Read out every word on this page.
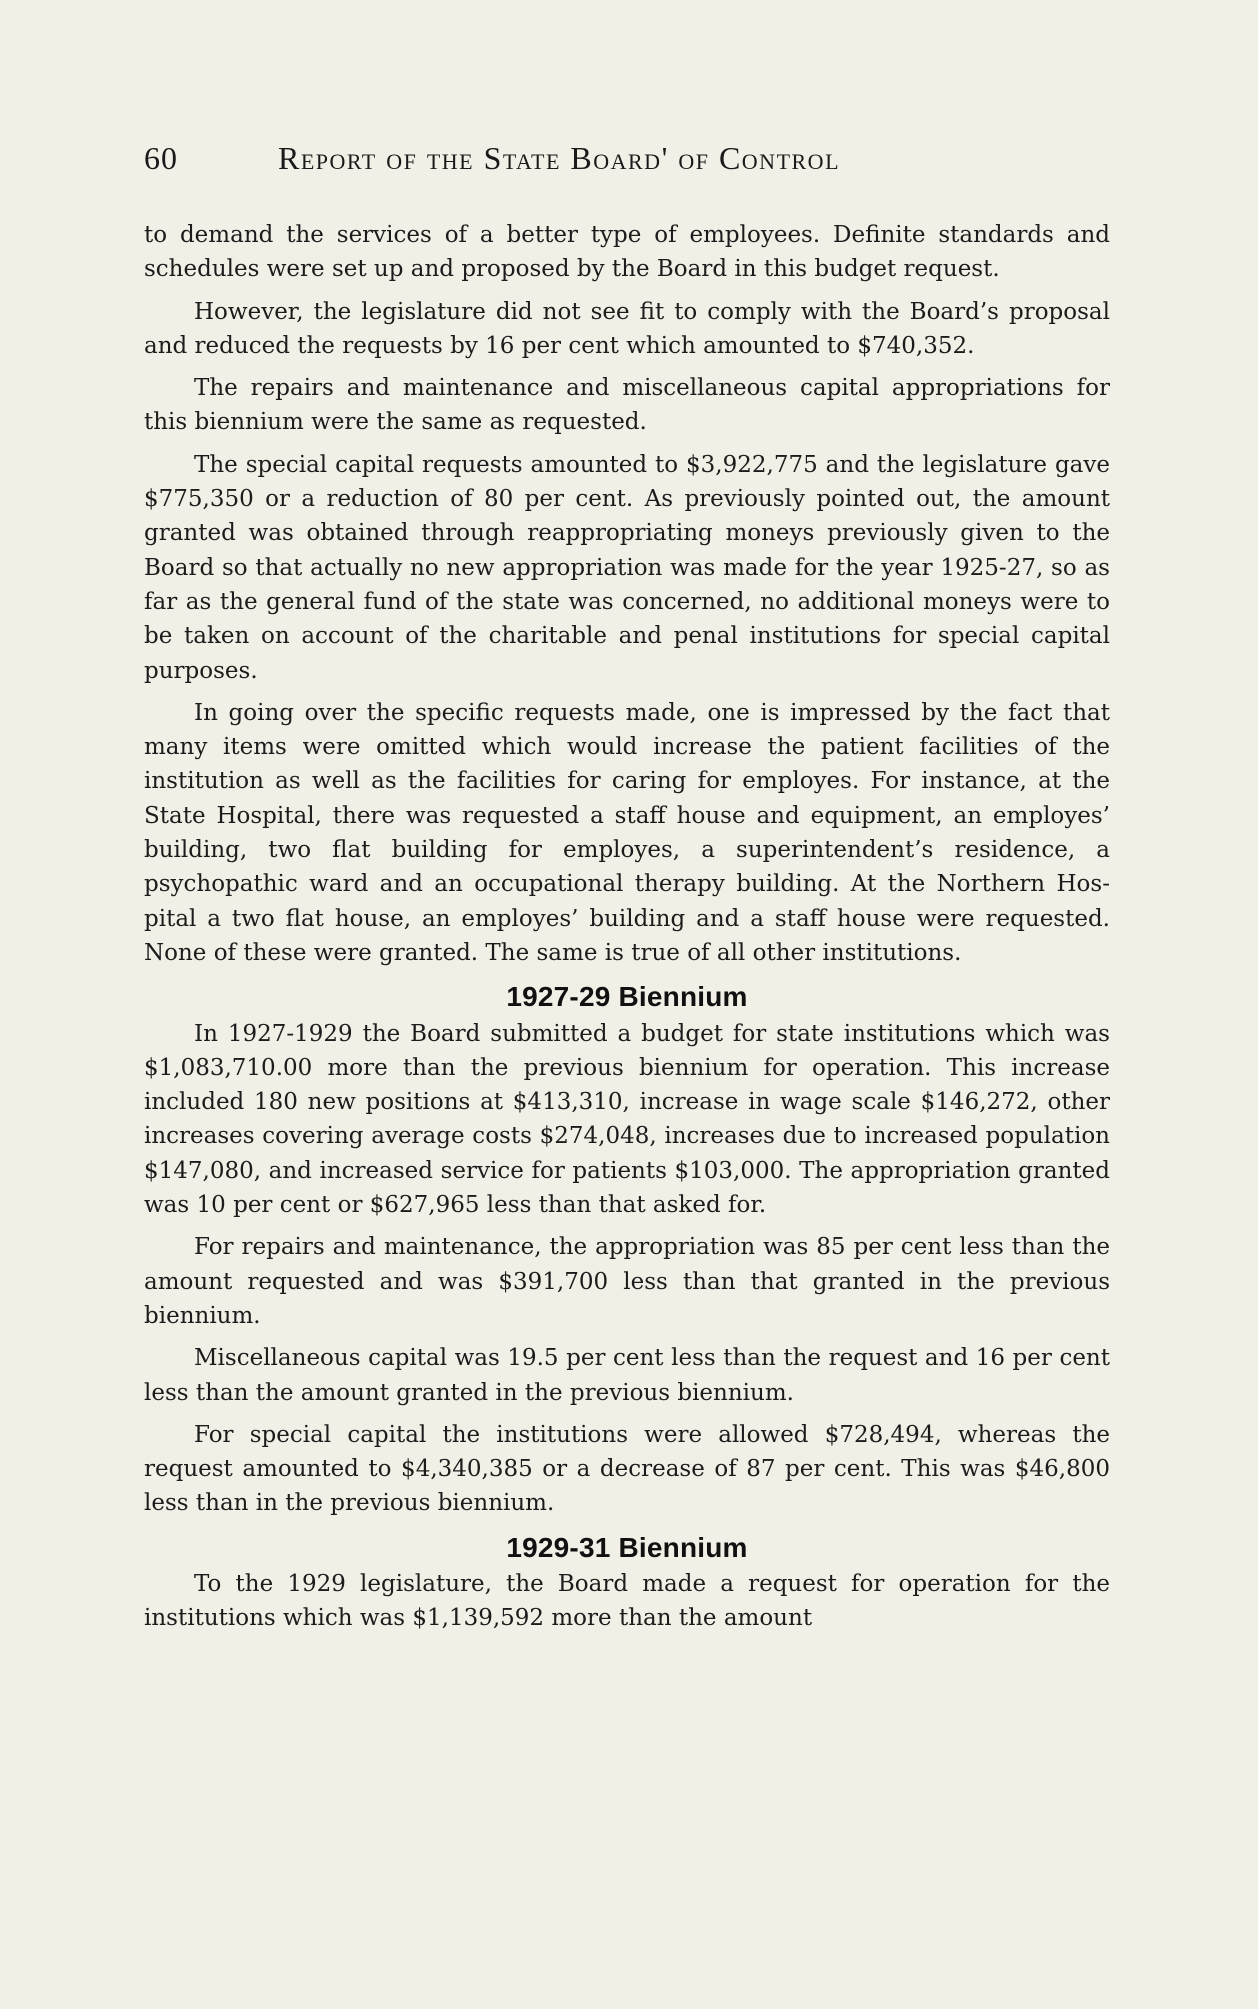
60	Report of the State Board' of Control

to demand the services of a better type of employees. Definite standards and schedules were set up and proposed by the Board in this budget request.

However, the legislature did not see fit to comply with the Board’s proposal and reduced the requests by 16 per cent which amounted to $740,352.

The repairs and maintenance and miscellaneous capital appropriations for this biennium were the same as requested.

The special capital requests amounted to $3,922,775 and the legislature gave $775,350 or a reduction of 80 per cent. As previously pointed out, the amount granted was obtained through reappropriating moneys previously given to the Board so that actually no new appropriation was made for the year 1925-27, so as far as the general fund of the state was concerned, no additional moneys were to be taken on account of the charitable and penal institutions for special capital purposes.

In going over the specific requests made, one is impressed by the fact that many items were omitted which would increase the patient facilities of the institution as well as the facilities for caring for employes. For instance, at the State Hospital, there was requested a staff house and equipment, an employes’ building, two flat building for employes, a superintendent’s residence, a psychopathic ward and an occupational therapy building. At the Northern Hospital a two flat house, an employes’ building and a staff house were requested. None of these were granted. The same is true of all other institutions.

1927-29 Biennium

In 1927-1929 the Board submitted a budget for state institutions which was $1,083,710.00 more than the previous biennium for operation. This increase included 180 new positions at $413,310, increase in wage scale $146,272, other increases covering average costs $274,048, increases due to increased population $147,080, and increased service for patients $103,000. The appropriation granted was 10 per cent or $627,965 less than that asked for.

For repairs and maintenance, the appropriation was 85 per cent less than the amount requested and was $391,700 less than that granted in the previous biennium.

Miscellaneous capital was 19.5 per cent less than the request and 16 per cent less than the amount granted in the previous biennium.

For special capital the institutions were allowed $728,494, whereas the request amounted to $4,340,385 or a decrease of 87 per cent. This was $46,800 less than in the previous biennium.

1929-31 Biennium

To the 1929 legislature, the Board made a request for operation for the institutions which was $1,139,592 more than the amount
